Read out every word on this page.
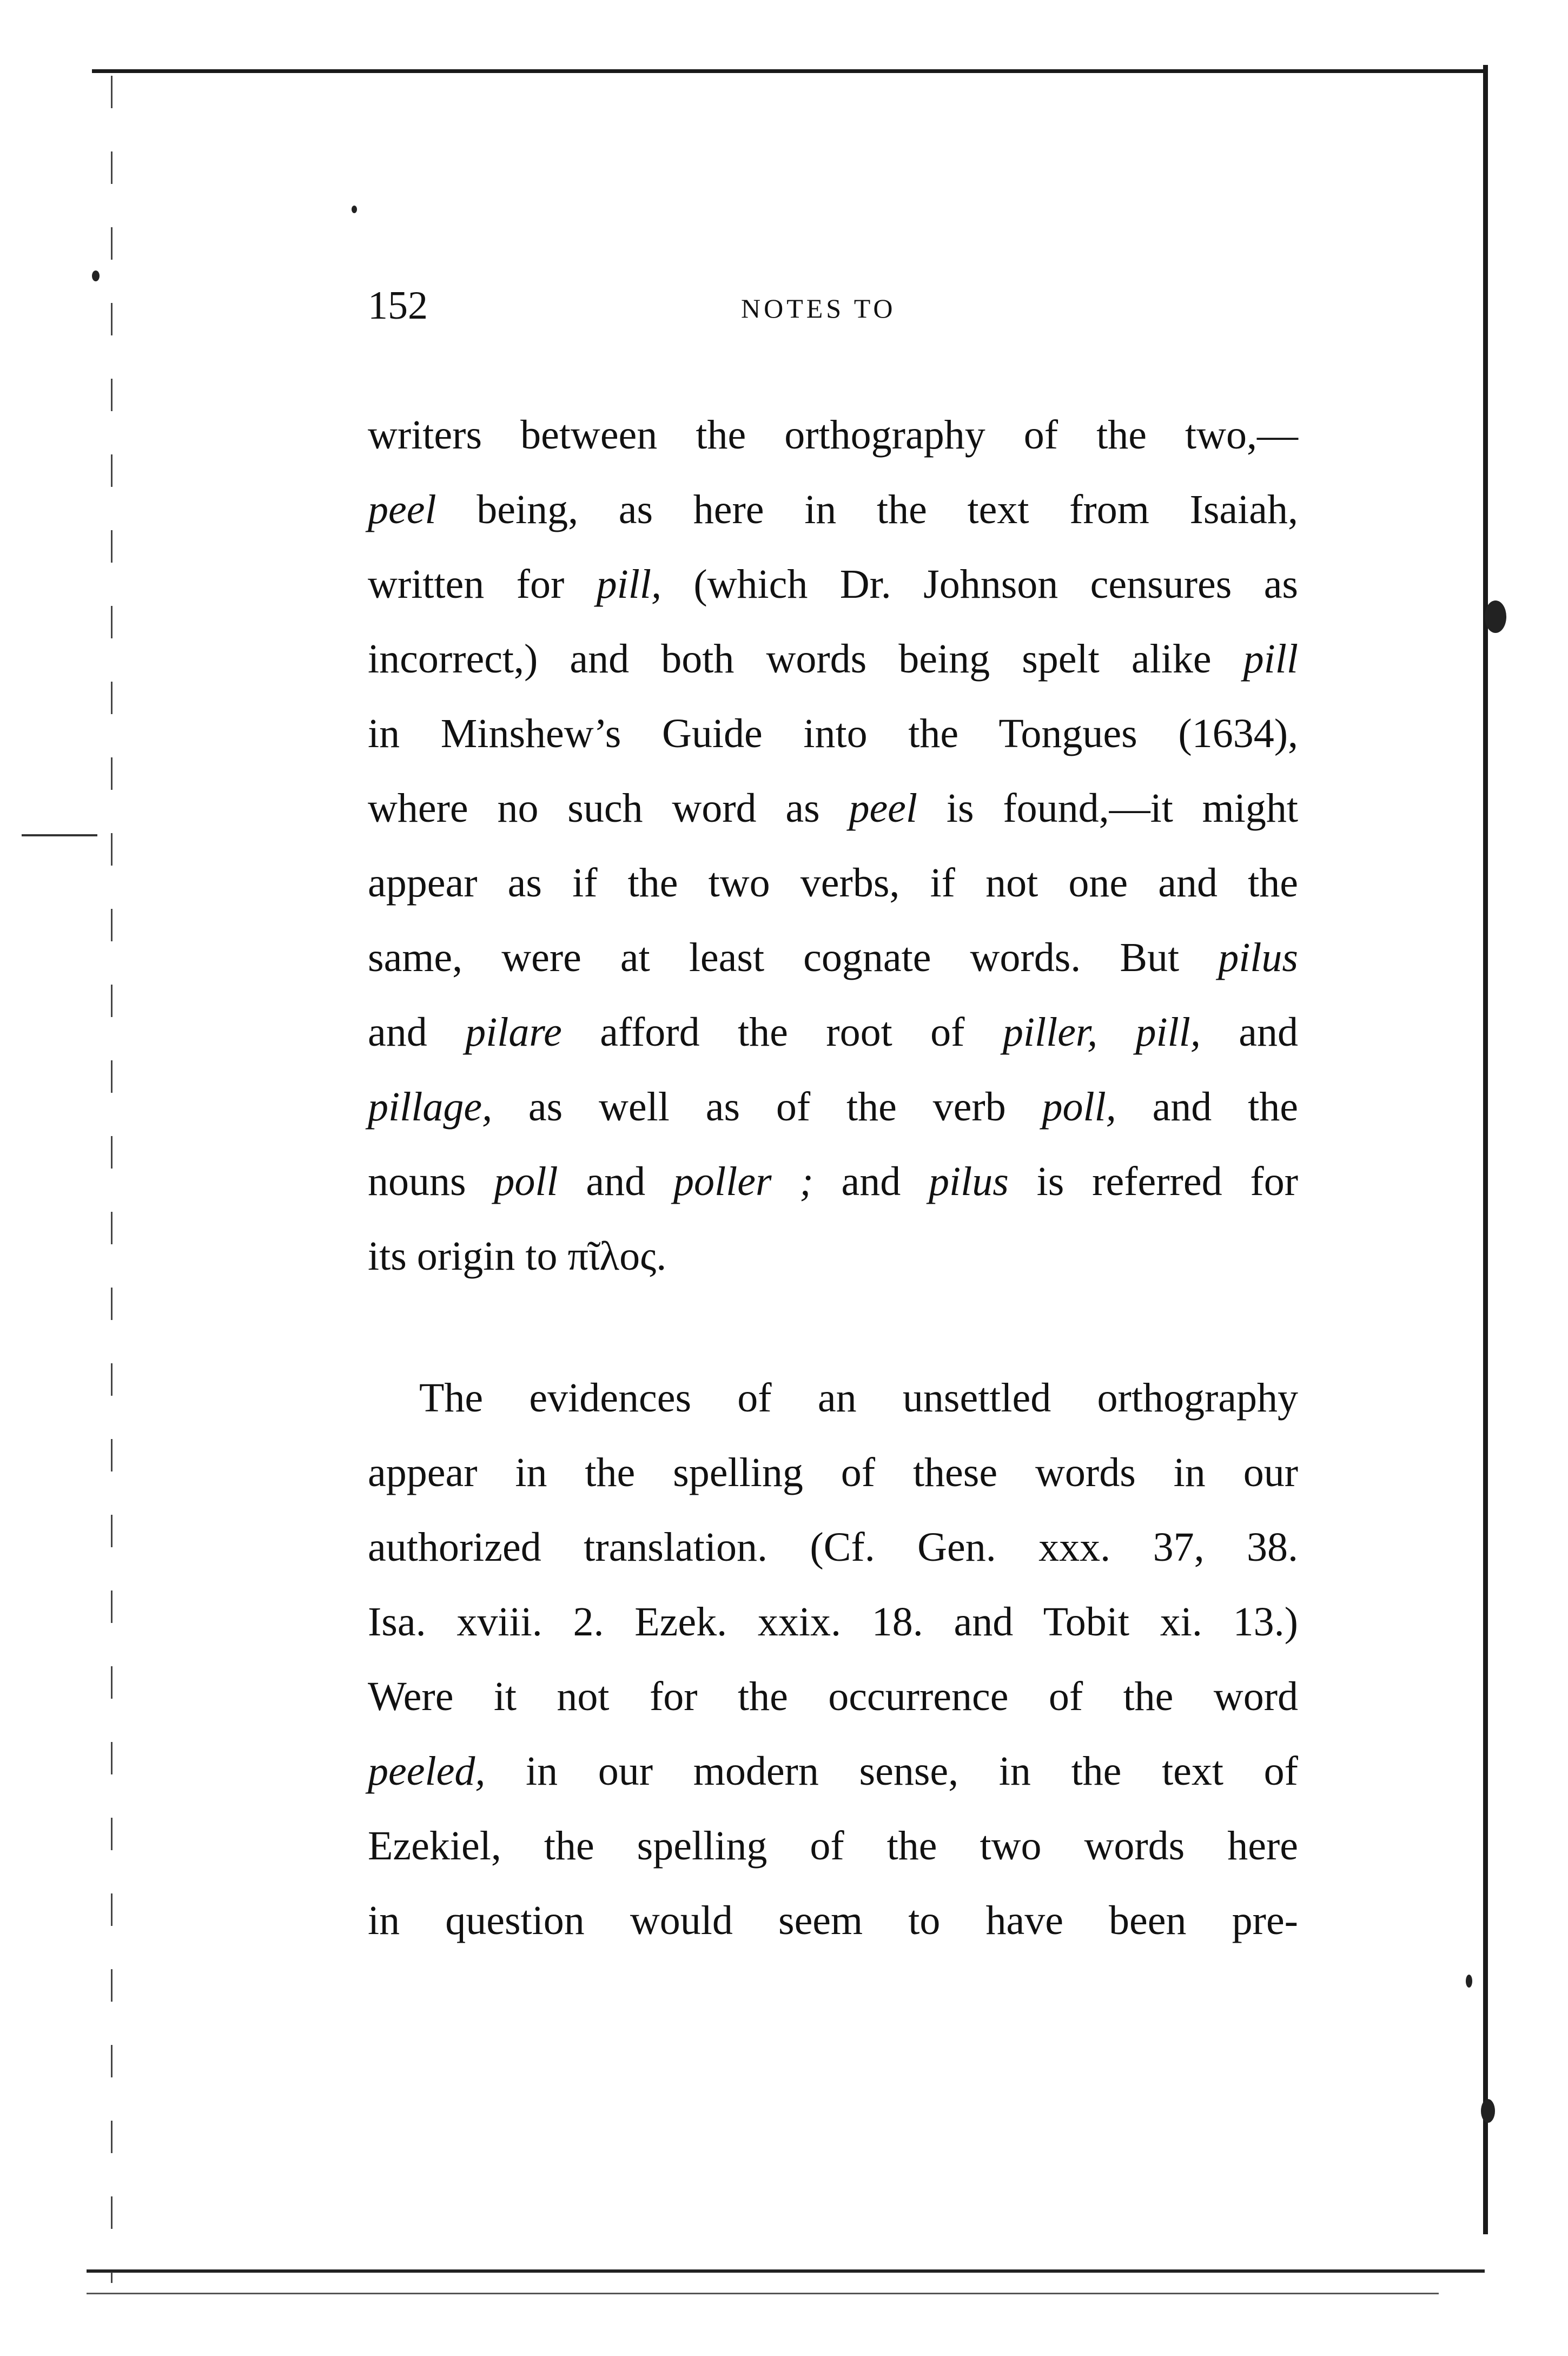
152	NOTES TO
writers between the orthography of the two,—
peel being, as here in the text from Isaiah,
written for pill, (which Dr. Johnson censures as
incorrect,) and both words being spelt alike pill
in Minshew’s Guide into the Tongues (1634),
where no such word as peel is found,—it might
appear as if the two verbs, if not one and the
same, were at least cognate words. But pilus
and pilare afford the root of piller, pill, and
pillage, as well as of the verb poll, and the
nouns poll and poller ; and pilus is referred for
its origin to πῖλος.
The evidences of an unsettled orthography
appear in the spelling of these words in our
authorized translation. (Cf. Gen. xxx. 37, 38.
Isa. xviii. 2. Ezek. xxix. 18. and Tobit xi. 13.)
Were it not for the occurrence of the word
peeled, in our modern sense, in the text of
Ezekiel, the spelling of the two words here
in question would seem to have been pre-
